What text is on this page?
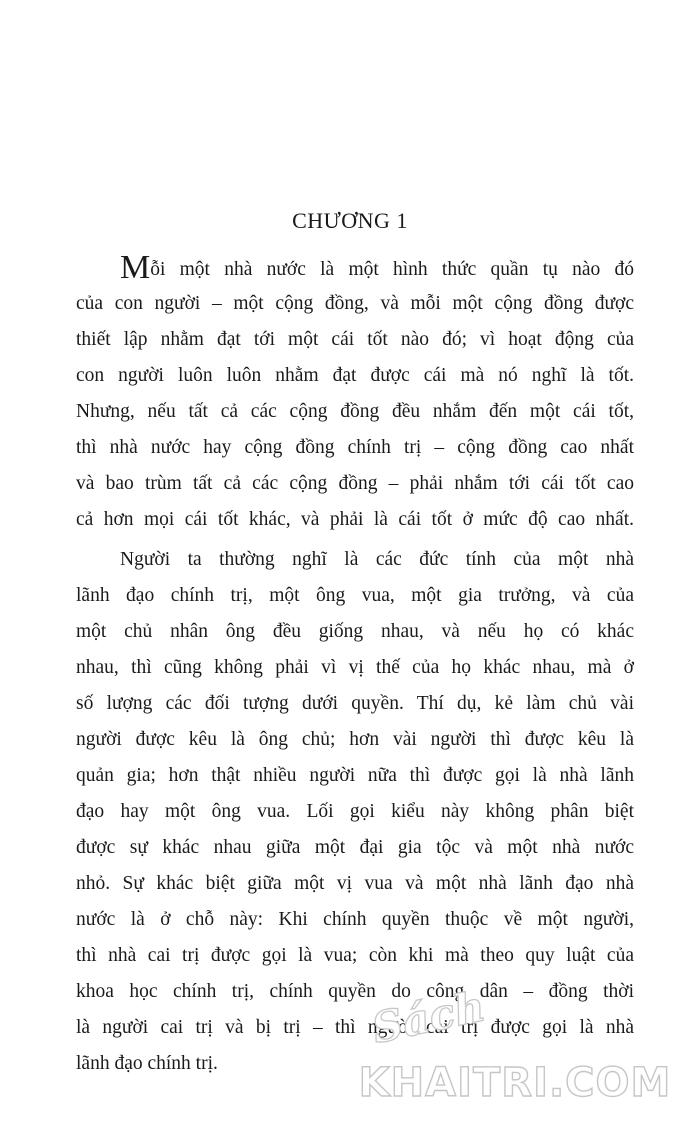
CHƯƠNG 1
Mỗi một nhà nước là một hình thức quần tụ nào đó
của con người – một cộng đồng, và mỗi một cộng đồng được
thiết lập nhằm đạt tới một cái tốt nào đó; vì hoạt động của
con người luôn luôn nhằm đạt được cái mà nó nghĩ là tốt.
Nhưng, nếu tất cả các cộng đồng đều nhắm đến một cái tốt,
thì nhà nước hay cộng đồng chính trị – cộng đồng cao nhất
và bao trùm tất cả các cộng đồng – phải nhắm tới cái tốt cao
cả hơn mọi cái tốt khác, và phải là cái tốt ở mức độ cao nhất.
Người ta thường nghĩ là các đức tính của một nhà
lãnh đạo chính trị, một ông vua, một gia trưởng, và của
một chủ nhân ông đều giống nhau, và nếu họ có khác
nhau, thì cũng không phải vì vị thế của họ khác nhau, mà ở
số lượng các đối tượng dưới quyền. Thí dụ, kẻ làm chủ vài
người được kêu là ông chủ; hơn vài người thì được kêu là
quản gia; hơn thật nhiều người nữa thì được gọi là nhà lãnh
đạo hay một ông vua. Lối gọi kiểu này không phân biệt
được sự khác nhau giữa một đại gia tộc và một nhà nước
nhỏ. Sự khác biệt giữa một vị vua và một nhà lãnh đạo nhà
nước là ở chỗ này: Khi chính quyền thuộc về một người,
thì nhà cai trị được gọi là vua; còn khi mà theo quy luật của
khoa học chính trị, chính quyền do công dân – đồng thời
là người cai trị và bị trị – thì người cai trị được gọi là nhà
lãnh đạo chính trị.
Sách
KHAITRI.COM
